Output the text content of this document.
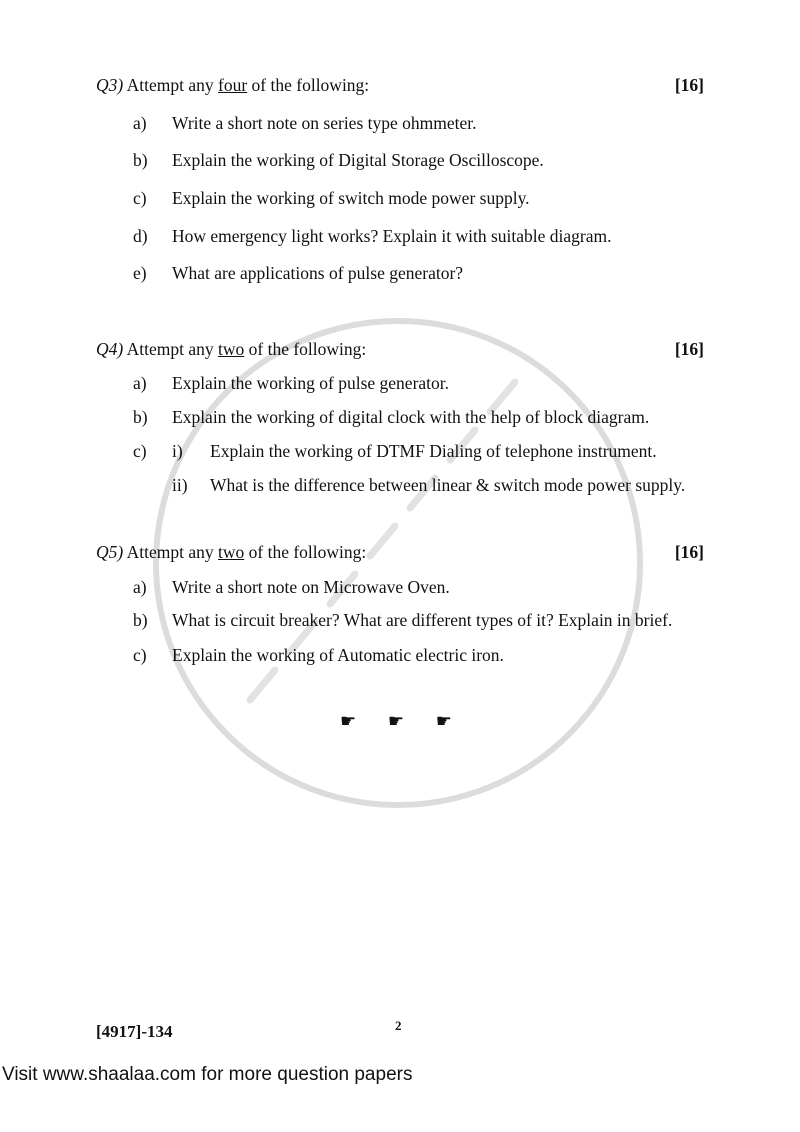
Q3) Attempt any four of the following:	[16]
a) Write a short note on series type ohmmeter.
b) Explain the working of Digital Storage Oscilloscope.
c) Explain the working of switch mode power supply.
d) How emergency light works? Explain it with suitable diagram.
e) What are applications of pulse generator?
Q4) Attempt any two of the following:	[16]
a) Explain the working of pulse generator.
b) Explain the working of digital clock with the help of block diagram.
c) i) Explain the working of DTMF Dialing of telephone instrument.
ii) What is the difference between linear & switch mode power supply.
Q5) Attempt any two of the following:	[16]
a) Write a short note on Microwave Oven.
b) What is circuit breaker? What are different types of it? Explain in brief.
c) Explain the working of Automatic electric iron.
☛ ☛ ☛
[4917]-134	2
Visit www.shaalaa.com for more question papers
